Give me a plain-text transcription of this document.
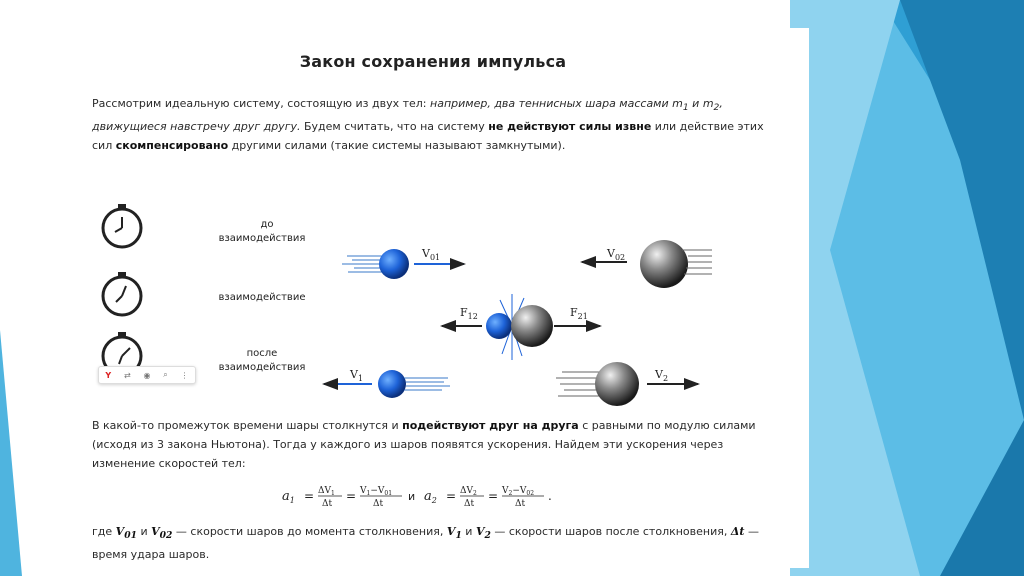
Закон сохранения импульса
Рассмотрим идеальную систему, состоящую из двух тел: например, два теннисных шара массами $m_1$ и $m_2$, движущиеся навстречу друг другу. Будем считать, что на систему не действуют силы извне или действие этих сил скомпенсировано другими силами (такие системы называют замкнутыми).
до
взаимодействия
взаимодействие
после
взаимодействия
$V_{01}$	$V_{02}$
$F_{12}$	$F_{21}$
$V_1$	$V_2$
Y ⇄ ◉ ⌕ ⋮
В какой-то промежуток времени шары столкнутся и подействуют друг на друга с равными по модулю силами (исходя из 3 закона Ньютона). Тогда у каждого из шаров появятся ускорения. Найдем эти ускорения через изменение скоростей тел:
$a_1 = \Delta V_1$
Δt
= $V_1-V_{01}$
Δt
и $a_2 = \Delta V_2$
Δt
= $V_2-V_{02}$
Δt
.
где $V_{01}$ и $V_{02}$ — скорости шаров до момента столкновения, $V_1$ и $V_2$ — скорости шаров после столкновения, Δt — время удара шаров.
